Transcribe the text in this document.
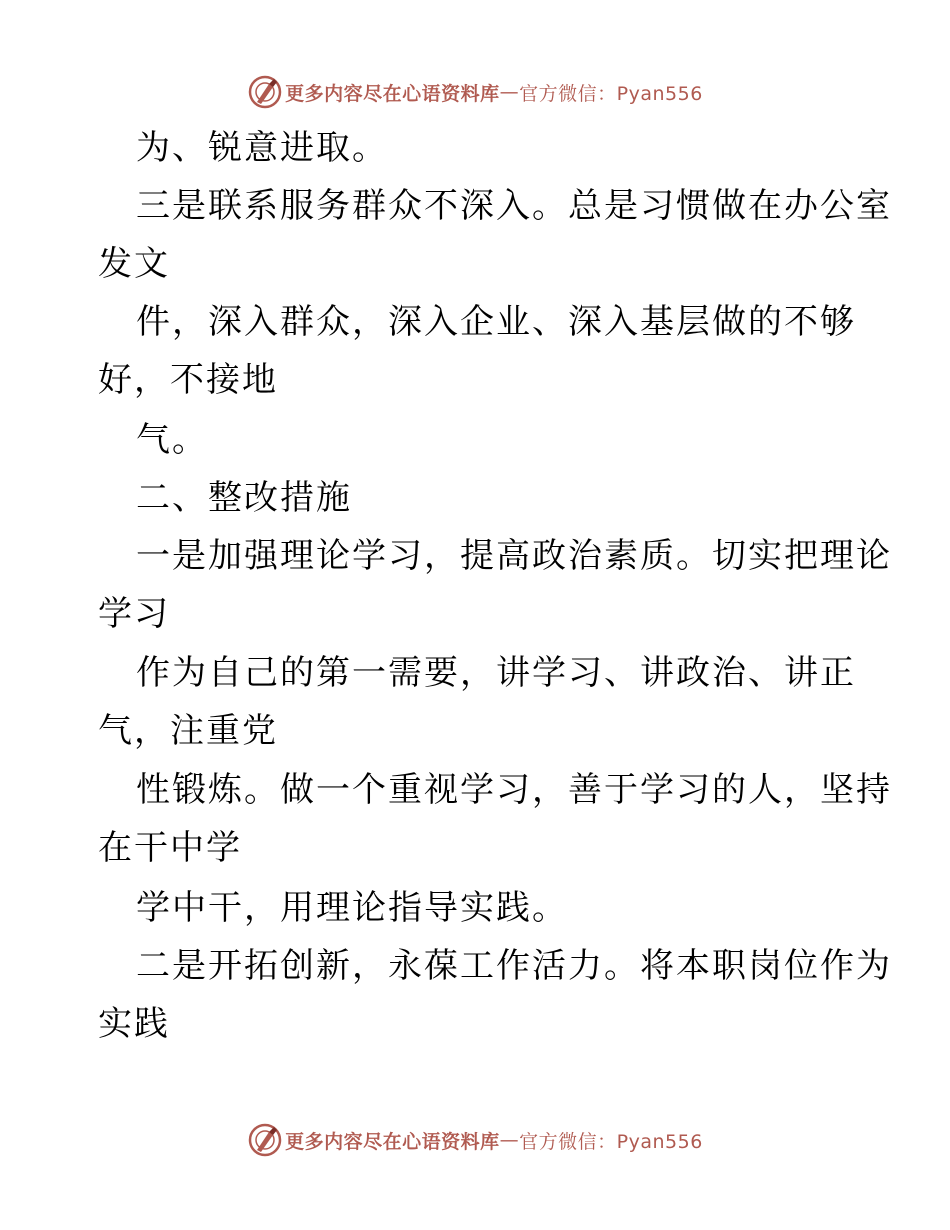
更多内容尽在心语资料库 — 官方微信：Pyan556
为、锐意进取。
三是联系服务群众不深入。总是习惯做在办公室
发文
件，深入群众，深入企业、深入基层做的不够
好，不接地
气。
二、整改措施
一是加强理论学习，提高政治素质。切实把理论
学习
作为自己的第一需要，讲学习、讲政治、讲正
气，注重党
性锻炼。做一个重视学习，善于学习的人，坚持
在干中学
学中干，用理论指导实践。
二是开拓创新，永葆工作活力。将本职岗位作为
实践
更多内容尽在心语资料库 — 官方微信：Pyan556
